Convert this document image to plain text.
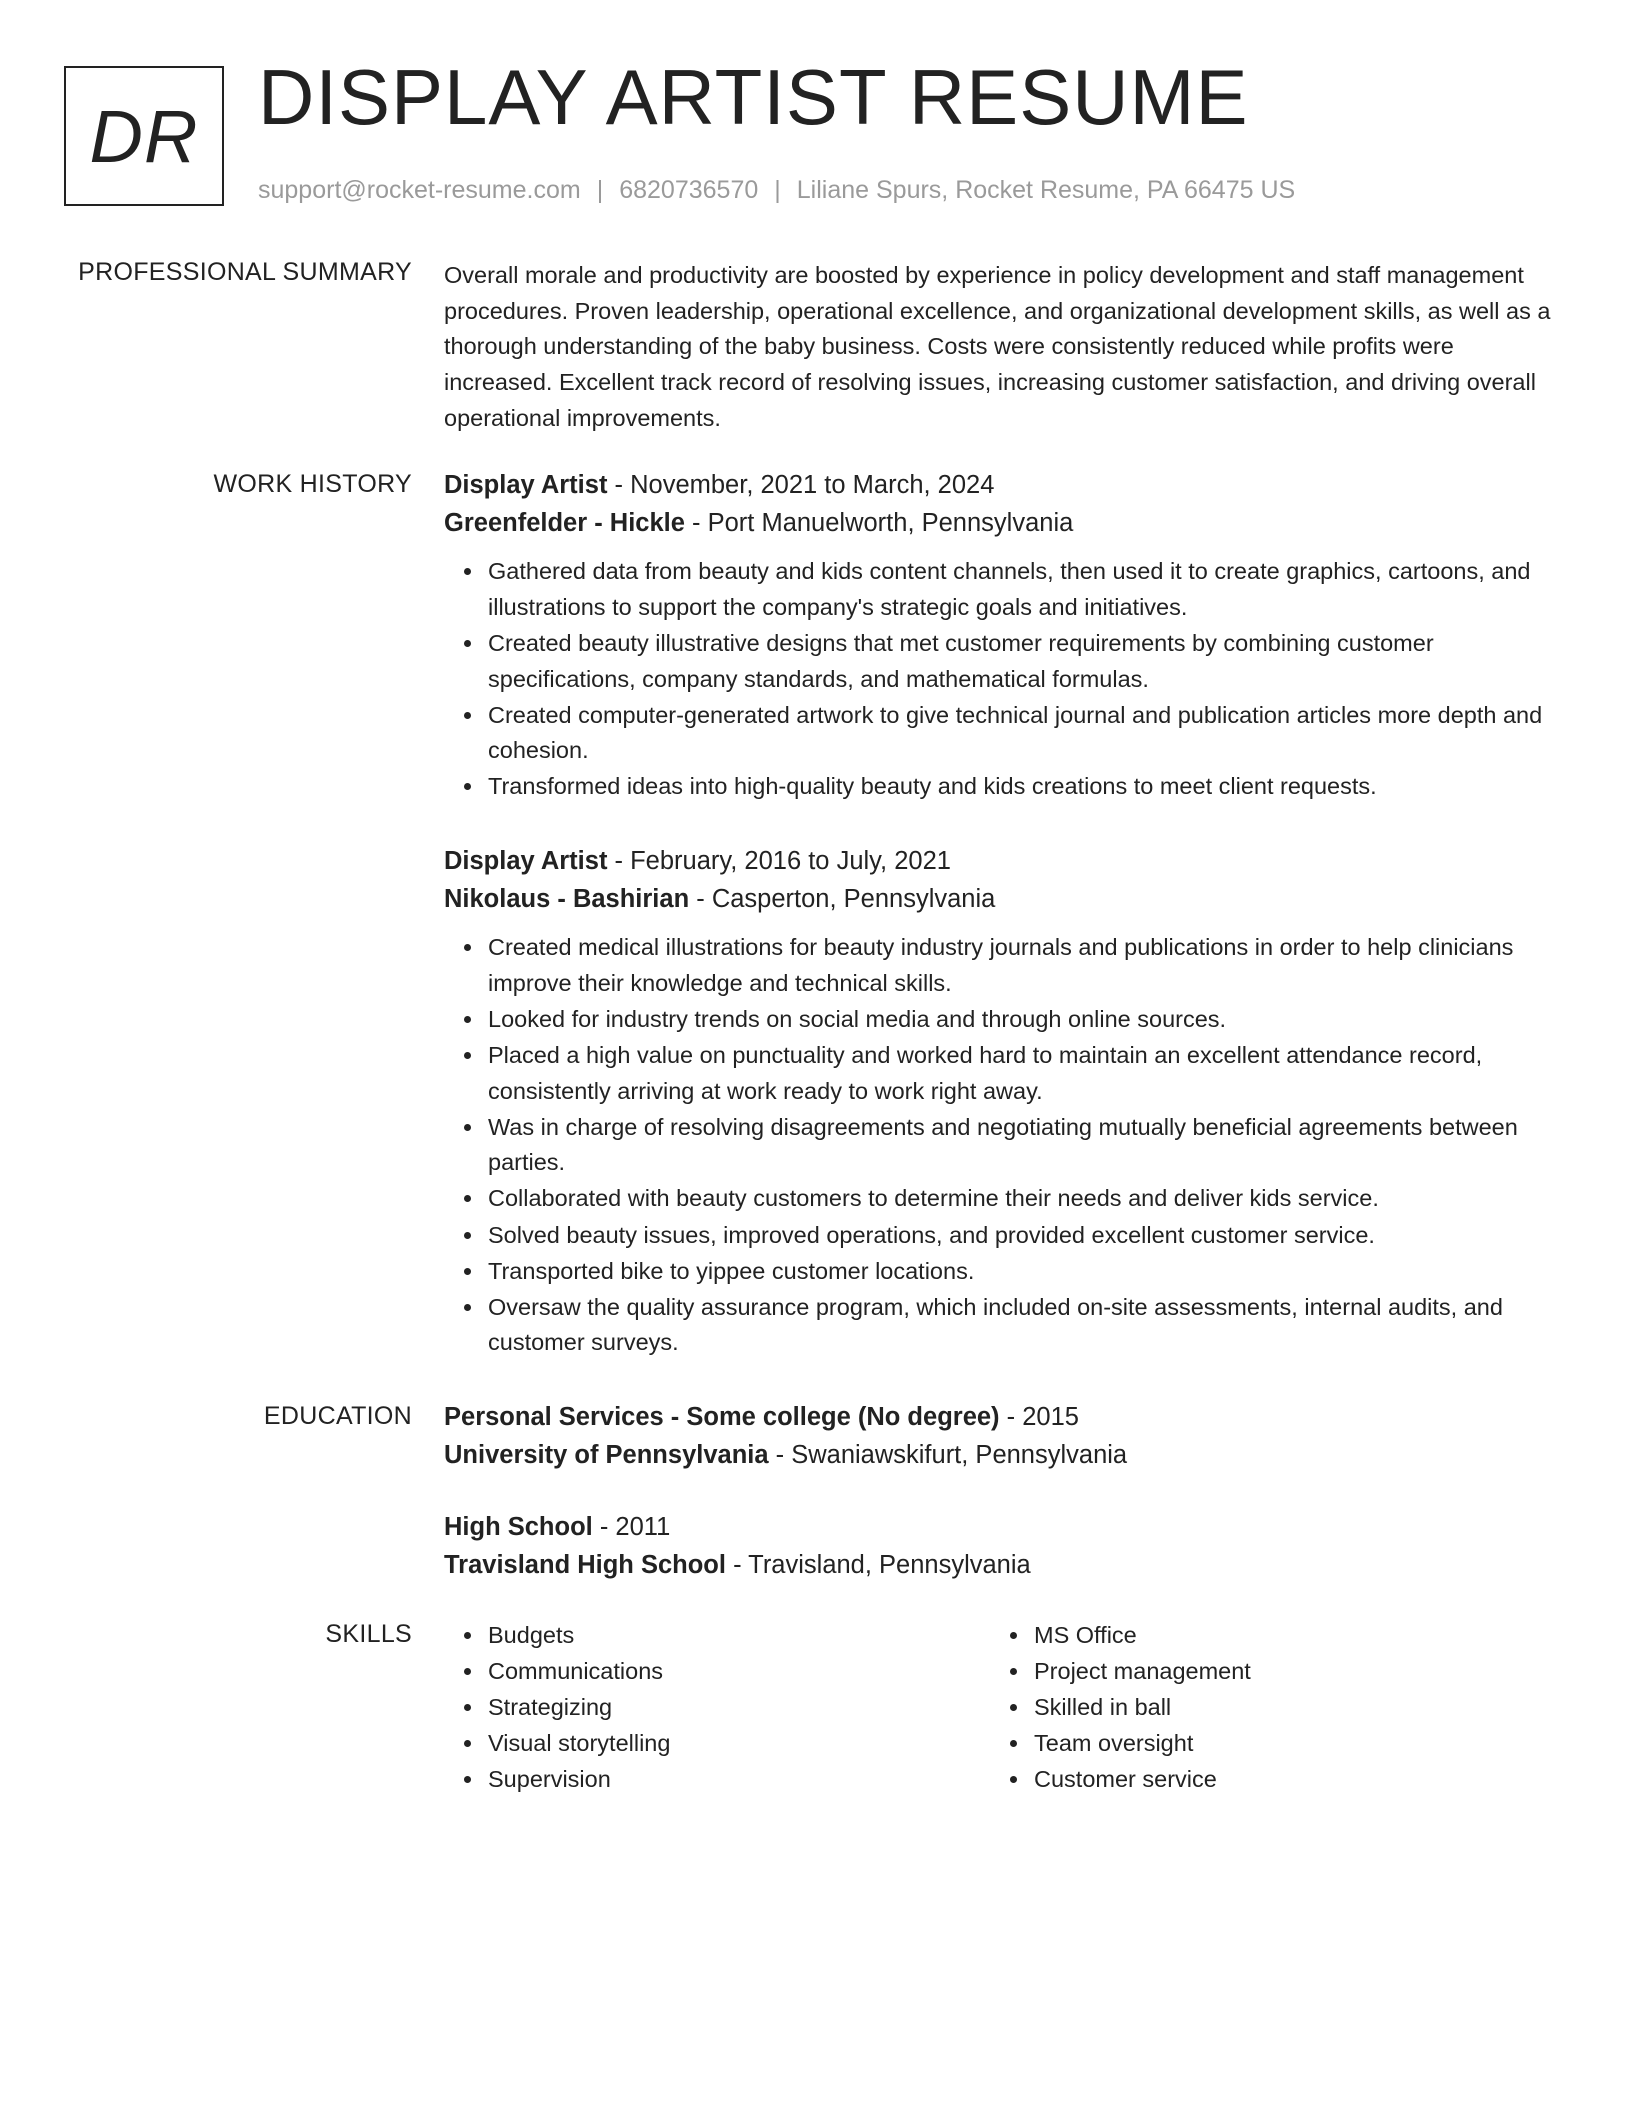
DR DISPLAY ARTIST RESUME
support@rocket-resume.com | 6820736570 | Liliane Spurs, Rocket Resume, PA 66475 US
PROFESSIONAL SUMMARY Overall morale and productivity are boosted by experience in policy development and staff management procedures. Proven leadership, operational excellence, and organizational development skills, as well as a thorough understanding of the baby business. Costs were consistently reduced while profits were increased. Excellent track record of resolving issues, increasing customer satisfaction, and driving overall operational improvements.

WORK HISTORY Display Artist - November, 2021 to March, 2024
Greenfelder - Hickle - Port Manuelworth, Pennsylvania
Gathered data from beauty and kids content channels, then used it to create graphics, cartoons, and illustrations to support the company's strategic goals and initiatives.
Created beauty illustrative designs that met customer requirements by combining customer specifications, company standards, and mathematical formulas.
Created computer-generated artwork to give technical journal and publication articles more depth and cohesion.
Transformed ideas into high-quality beauty and kids creations to meet client requests.
Display Artist - February, 2016 to July, 2021
Nikolaus - Bashirian - Casperton, Pennsylvania
Created medical illustrations for beauty industry journals and publications in order to help clinicians improve their knowledge and technical skills.
Looked for industry trends on social media and through online sources.
Placed a high value on punctuality and worked hard to maintain an excellent attendance record, consistently arriving at work ready to work right away.
Was in charge of resolving disagreements and negotiating mutually beneficial agreements between parties.
Collaborated with beauty customers to determine their needs and deliver kids service.
Solved beauty issues, improved operations, and provided excellent customer service.
Transported bike to yippee customer locations.
Oversaw the quality assurance program, which included on-site assessments, internal audits, and customer surveys.
EDUCATION Personal Services - Some college (No degree) - 2015
University of Pennsylvania - Swaniawskifurt, Pennsylvania
High School - 2011
Travisland High School - Travisland, Pennsylvania
SKILLS	Budgets
Communications
Strategizing
Visual storytelling
Supervision
MS Office
Project management
Skilled in ball
Team oversight
Customer service
